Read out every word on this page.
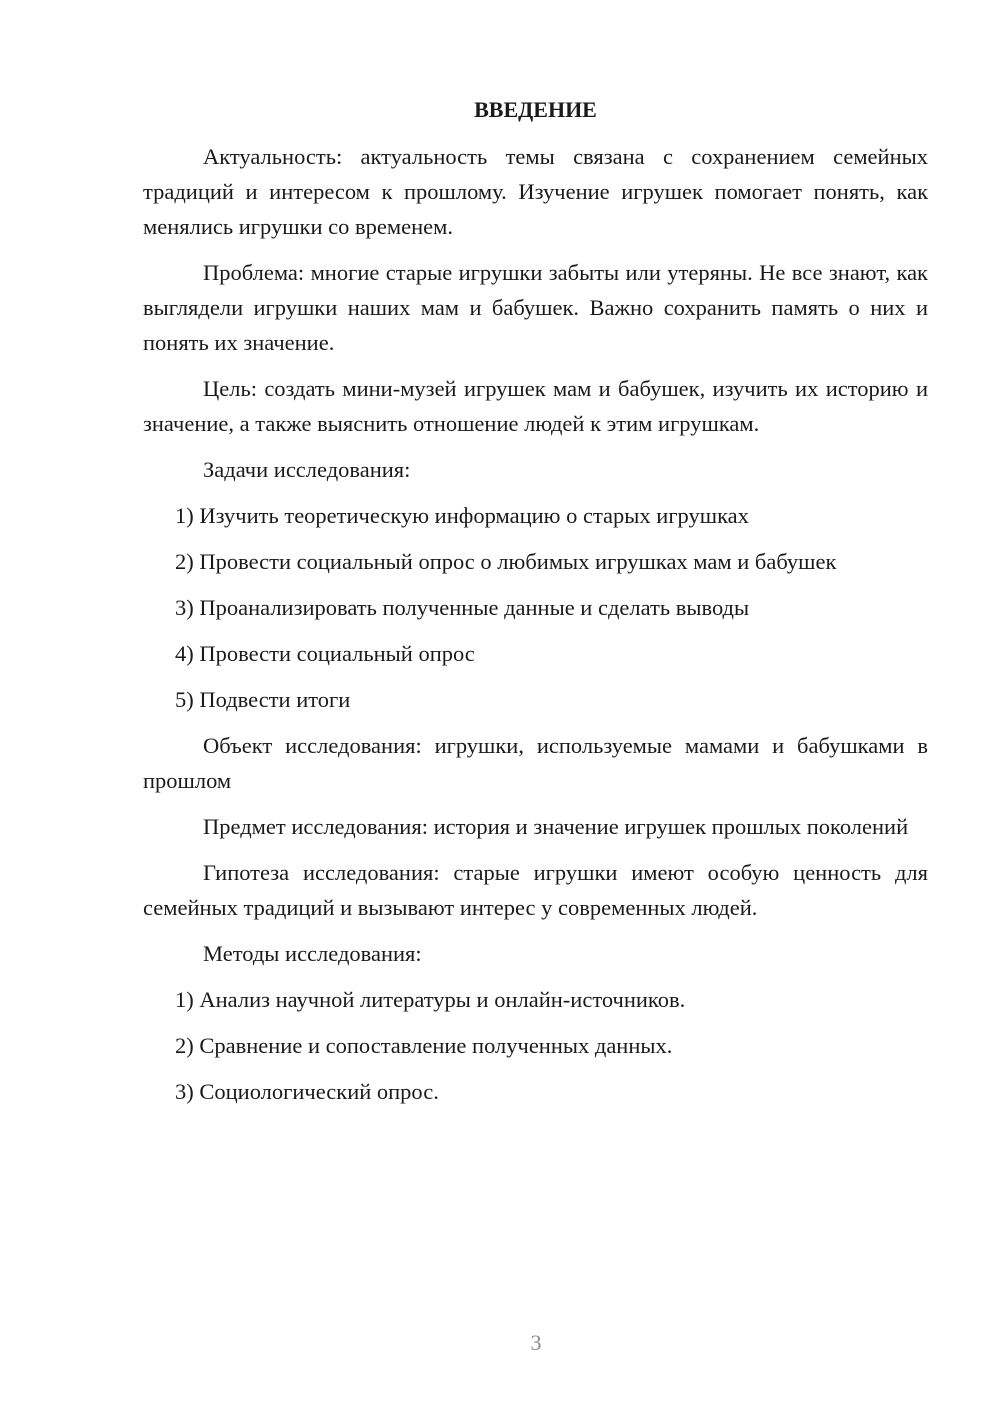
ВВЕДЕНИЕ

Актуальность: актуальность темы связана с сохранением семейных традиций и интересом к прошлому. Изучение игрушек помогает понять, как менялись игрушки со временем.

Проблема: многие старые игрушки забыты или утеряны. Не все знают, как выглядели игрушки наших мам и бабушек. Важно сохранить память о них и понять их значение.

Цель: создать мини-музей игрушек мам и бабушек, изучить их историю и значение, а также выяснить отношение людей к этим игрушкам.

Задачи исследования:

1) Изучить теоретическую информацию о старых игрушках

2) Провести социальный опрос о любимых игрушках мам и бабушек

3) Проанализировать полученные данные и сделать выводы

4) Провести социальный опрос

5) Подвести итоги

Объект исследования: игрушки, используемые мамами и бабушками в прошлом

Предмет исследования: история и значение игрушек прошлых поколений

Гипотеза исследования: старые игрушки имеют особую ценность для семейных традиций и вызывают интерес у современных людей.

Методы исследования:

1) Анализ научной литературы и онлайн-источников.

2) Сравнение и сопоставление полученных данных.

3) Социологический опрос.

3
